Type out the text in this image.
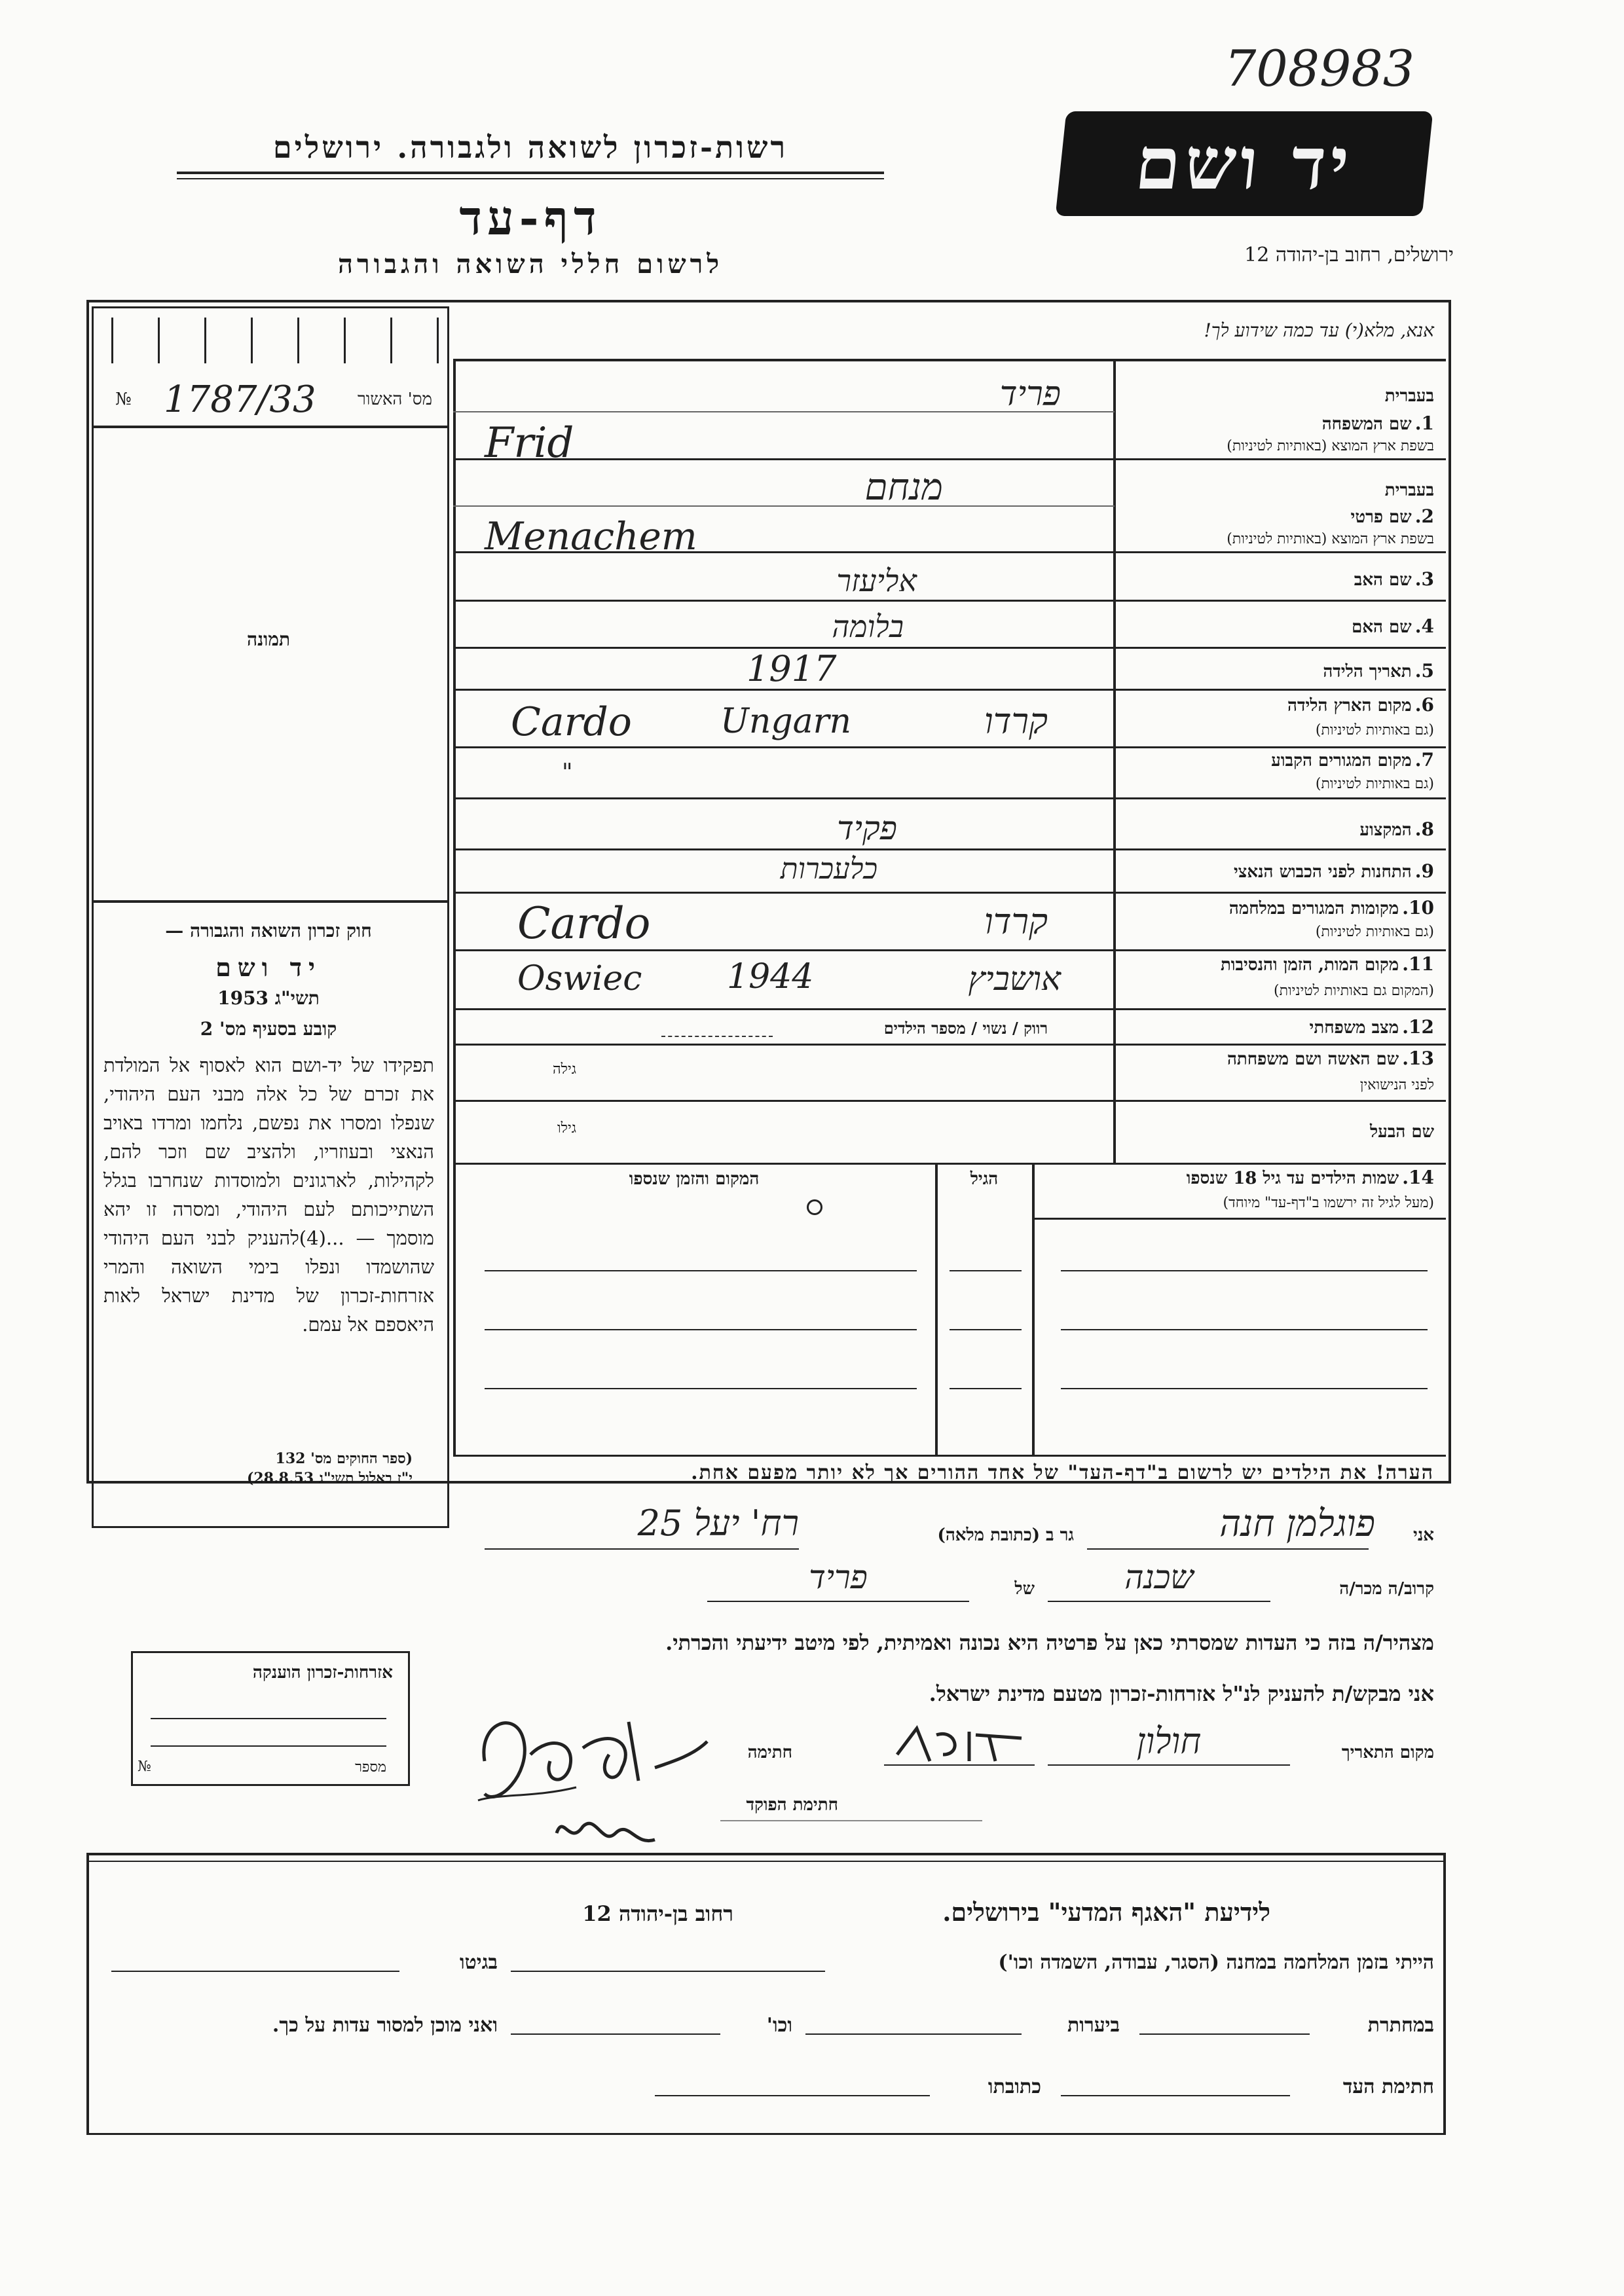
708983
רשות-זכרון לשואה ולגבורה. ירושלים
דף-עד
לרשום חללי השואה והגבורה
יד ושם
ירושלים, רחוב בן-יהודה 12
№ 1787/33	מס' האשור
תמונה
חוק זכרון השואה והגבורה —
יד ושם
תשי"ג 1953
קובע בסעיף מס' 2
תפקידו של יד-ושם הוא לאסוף אל המולדת את זכרם של כל אלה מבני העם היהודי, שנפלו ומסרו את נפשם, נלחמו ומרדו באויב הנאצי ובעוזריו, ולהציב שם וזכר להם, לקהילות, לארגונים ולמוסדות שנחרבו בגלל השתייכותם לעם היהודי, ומסרה זו יהא מוסמך — ...(4)להעניק לבני העם היהודי שהושמדו ונפלו בימי השואה והמרי אזרחות-זכרון של מדינת ישראל לאות היאספם אל עמם.
(ספר החוקים מס' 132
י"ז באלול תשי"ג 28.8.53)
אנא, מלא(י) עד כמה שידוע לך!
בעברית
1. שם המשפחה
בשפת ארץ המוצא (באותיות לטיניות)
פריד
Frid
בעברית
2. שם פרטי
בשפת ארץ המוצא (באותיות לטיניות)
מנחם
Menachem
3. שם האב
אליעזר
4. שם האם
בלומה
5. תאריך הלידה
1917
6. מקום הארץ הלידה
(גם באותיות לטיניות)
Cardo	Ungarn	קרדו
7. מקום המגורים הקבוע
(גם באותיות לטיניות)
"
8. המקצוע
פקיד
9. התחנות לפני הכבוש הנאצי
כלעכרות
10. מקומות המגורים במלחמה
(גם באותיות לטיניות)
Cardo	קרדו
11. מקום המות, הזמן והנסיבות
(המקום גם באותיות לטיניות)
Oswiec 1944	אושביץ
12. מצב משפחתי
רווק / נשוי / מספר הילדים
13. שם האשה ושם משפחתה
לפני הנישואין
גילה
שם הבעל
גילו
14. שמות הילדים עד גיל 18 שנספו
(מעל לגיל זה ירשמו ב"דף-עד" מיוחד)
הגיל
המקום והזמן שנספו
הערה! את הילדים יש לרשום ב"דף-העד" של אחד ההורים אך לא יותר מפעם אחת.
אני
פוגלמן חנה
גר ב (כתובת מלאה)
רח' יעל 25
קרוב/ה מכר/ה
שכנה
של
פריד
מצהיר/ה בזה כי העדות שמסרתי כאן על פרטיה היא נכונה ואמיתית, לפי מיטב ידיעתי והכרתי.
אני מבקש/ת להעניק לנ"ל אזרחות-זכרון מטעם מדינת ישראל.
מקום התאריך
חולון
חתימה
חתימת הפוקד
אזרחות-זכרון הוענקה
№	מספר
לידיעת "האגף המדעי" בירושלים.
רחוב בן-יהודה 12
הייתי בזמן המלחמה במחנה (הסגר, עבודה, השמדה וכו')
בגיטו
במחתרת
ביערות
וכו'
ואני מוכן למסור עדות על כך.
חתימת העד
כתובתו
